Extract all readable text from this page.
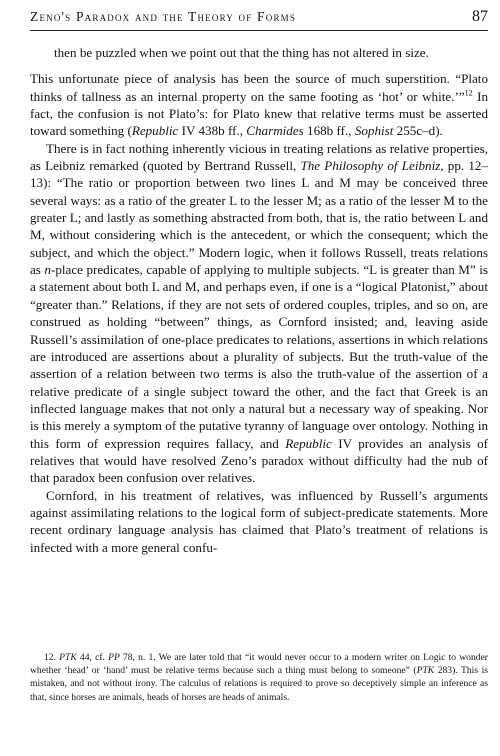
Zeno's Paradox and the Theory of Forms	87

then be puzzled when we point out that the thing has not altered in size.

This unfortunate piece of analysis has been the source of much superstition. “Plato thinks of tallness as an internal property on the same footing as ‘hot’ or white.’”$^{12}$ In fact, the confusion is not Plato’s: for Plato knew that relative terms must be asserted toward something (Republic IV 438b ff., Charmides 168b ff., Sophist 255c–d).

There is in fact nothing inherently vicious in treating relations as relative properties, as Leibniz remarked (quoted by Bertrand Russell, The Philosophy of Leibniz, pp. 12–13): “The ratio or proportion between two lines L and M may be conceived three several ways: as a ratio of the greater L to the lesser M; as a ratio of the lesser M to the greater L; and lastly as something abstracted from both, that is, the ratio between L and M, without considering which is the antecedent, or which the consequent; which the subject, and which the object.” Modern logic, when it follows Russell, treats relations as n-place predicates, capable of applying to multiple subjects. “L is greater than M” is a statement about both L and M, and perhaps even, if one is a “logical Platonist,” about “greater than.” Relations, if they are not sets of ordered couples, triples, and so on, are construed as holding “between” things, as Cornford insisted; and, leaving aside Russell’s assimilation of one-place predicates to relations, assertions in which relations are introduced are assertions about a plurality of subjects. But the truth-value of the assertion of a relation between two terms is also the truth-value of the assertion of a relative predicate of a single subject toward the other, and the fact that Greek is an inflected language makes that not only a natural but a necessary way of speaking. Nor is this merely a symptom of the putative tyranny of language over ontology. Nothing in this form of expression requires fallacy, and Republic IV provides an analysis of relatives that would have resolved Zeno’s paradox without difficulty had the nub of that paradox been confusion over relatives.

Cornford, in his treatment of relatives, was influenced by Russell’s arguments against assimilating relations to the logical form of subject-predicate statements. More recent ordinary language analysis has claimed that Plato’s treatment of relations is infected with a more general confu-

12. PTK 44, cf. PP 78, n. 1. We are later told that “it would never occur to a modern writer on Logic to wonder whether ‘head’ or ‘hand’ must be relative terms because such a thing must belong to someone” (PTK 283). This is mistaken, and not without irony. The calculus of relations is required to prove so deceptively simple an inference as that, since horses are animals, heads of horses are heads of animals.
